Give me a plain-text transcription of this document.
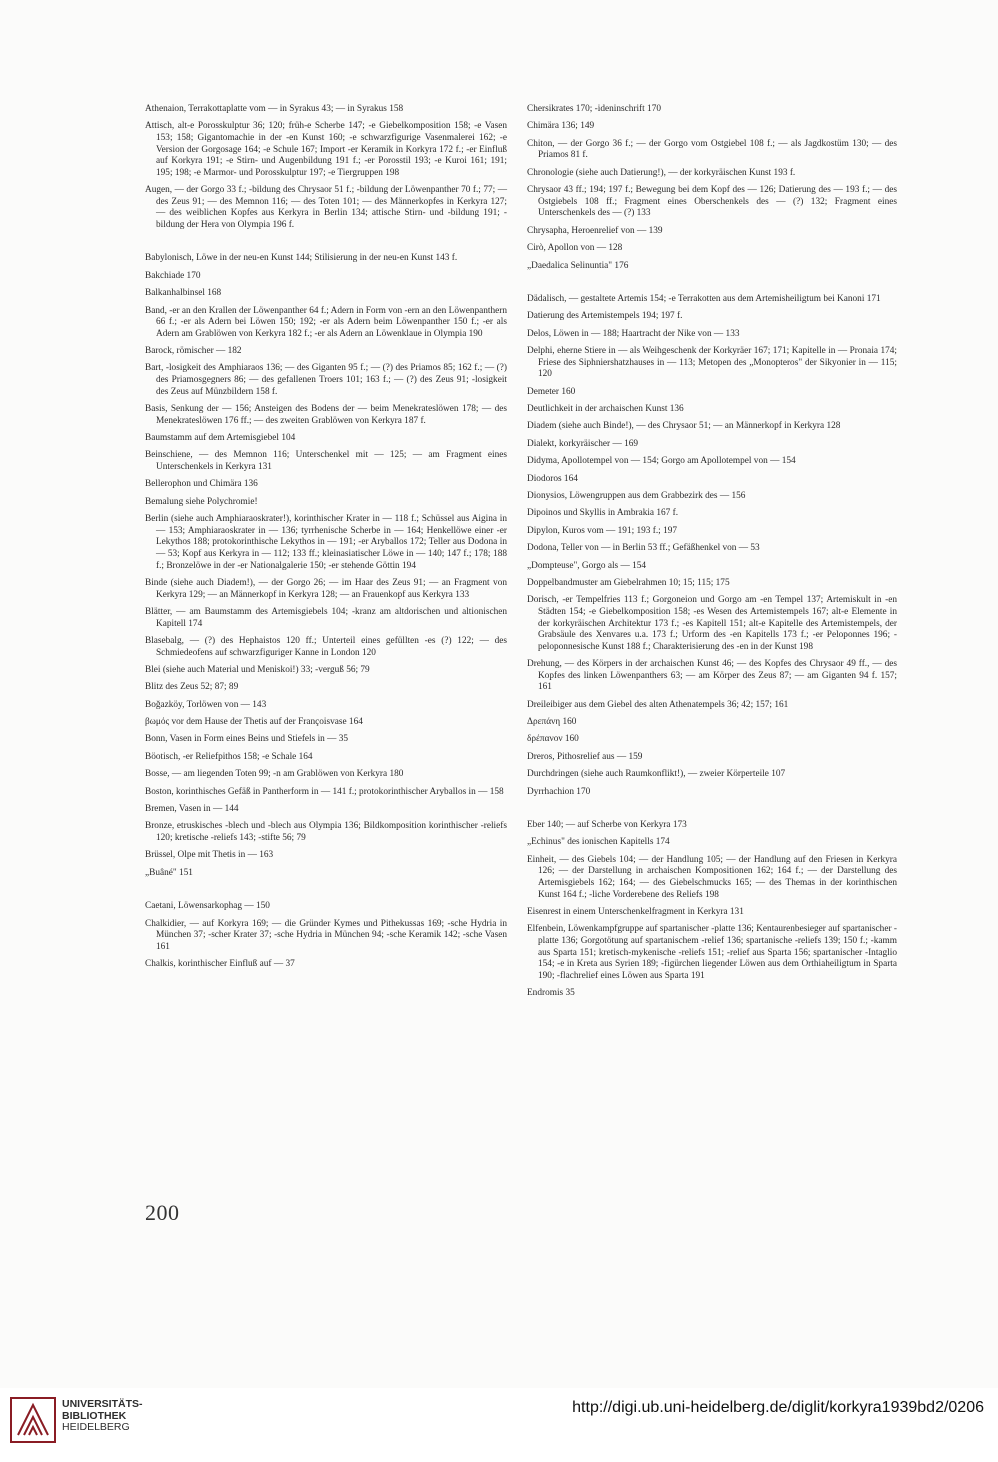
Athenaion, Terrakottaplatte vom — in Syrakus 43; — in Syrakus 158
Attisch, alt-e Porosskulptur 36; 120; früh-e Scherbe 147; -e Giebelkomposition 158; -e Vasen 153; 158; Gigantomachie in der -en Kunst 160; -e schwarzfigurige Vasenmalerei 162; -e Version der Gorgosage 164; -e Schule 167; Import -er Keramik in Korkyra 172 f.; -er Einfluß auf Korkyra 191; -e Stirn- und Augenbildung 191 f.; -er Porosstil 193; -e Kuroi 161; 191; 195; 198; -e Marmor- und Porosskulptur 197; -e Tiergruppen 198
Augen, — der Gorgo 33 f.; -bildung des Chrysaor 51 f.; -bildung der Löwenpanther 70 f.; 77; — des Zeus 91; — des Memnon 116; — des Toten 101; — des Männerkopfes in Kerkyra 127; — des weiblichen Kopfes aus Kerkyra in Berlin 134; attische Stirn- und -bildung 191; -bildung der Hera von Olympia 196 f.
Babylonisch, Löwe in der neu-en Kunst 144; Stilisierung in der neu-en Kunst 143 f.
Bakchiade 170
Balkanhalbinsel 168
Band, -er an den Krallen der Löwenpanther 64 f.; Adern in Form von -ern an den Löwenpanthern 66 f.; -er als Adern bei Löwen 150; 192; -er als Adern beim Löwenpanther 150 f.; -er als Adern am Grablöwen von Kerkyra 182 f.; -er als Adern an Löwenklaue in Olympia 190
Barock, römischer — 182
Bart, -losigkeit des Amphiaraos 136; — des Giganten 95 f.; — (?) des Priamos 85; 162 f.; — (?) des Priamosgegners 86; — des gefallenen Troers 101; 163 f.; — (?) des Zeus 91; -losigkeit des Zeus auf Münzbildern 158 f.
Basis, Senkung der — 156; Ansteigen des Bodens der — beim Menekrateslöwen 178; — des Menekrateslöwen 176 ff.; — des zweiten Grablöwen von Kerkyra 187 f.
Baumstamm auf dem Artemisgiebel 104
Beinschiene, — des Memnon 116; Unterschenkel mit — 125; — am Fragment eines Unterschenkels in Kerkyra 131
Bellerophon und Chimära 136
Bemalung siehe Polychromie!
Berlin (siehe auch Amphiaraoskrater!), korinthischer Krater in — 118 f.; Schüssel aus Aigina in — 153; Amphiaraoskrater in — 136; tyrrhenische Scherbe in — 164; Henkellöwe einer -er Lekythos 188; protokorinthische Lekythos in — 191; -er Aryballos 172; Teller aus Dodona in — 53; Kopf aus Kerkyra in — 112; 133 ff.; kleinasiatischer Löwe in — 140; 147 f.; 178; 188 f.; Bronzelöwe in der -er Nationalgalerie 150; -er stehende Göttin 194
Binde (siehe auch Diadem!), — der Gorgo 26; — im Haar des Zeus 91; — an Fragment von Kerkyra 129; — an Männerkopf in Kerkyra 128; — an Frauenkopf aus Kerkyra 133
Blätter, — am Baumstamm des Artemisgiebels 104; -kranz am altdorischen und altionischen Kapitell 174
Blasebalg, — (?) des Hephaistos 120 ff.; Unterteil eines gefüllten -es (?) 122; — des Schmiedeofens auf schwarzfiguriger Kanne in London 120
Blei (siehe auch Material und Meniskoi!) 33; -verguß 56; 79
Blitz des Zeus 52; 87; 89
Boğazköy, Torlöwen von — 143
βωμός vor dem Hause der Thetis auf der Françoisvase 164
Bonn, Vasen in Form eines Beins und Stiefels in — 35
Böotisch, -er Reliefpithos 158; -e Schale 164
Bosse, — am liegenden Toten 99; -n am Grablöwen von Kerkyra 180
Boston, korinthisches Gefäß in Pantherform in — 141 f.; protokorinthischer Aryballos in — 158
Bremen, Vasen in — 144
Bronze, etruskisches -blech und -blech aus Olympia 136; Bildkomposition korinthischer -reliefs 120; kretische -reliefs 143; -stifte 56; 79
Brüssel, Olpe mit Thetis in — 163
„Buâné" 151
Caetani, Löwensarkophag — 150
Chalkidier, — auf Korkyra 169; — die Gründer Kymes und Pithekussas 169; -sche Hydria in München 37; -scher Krater 37; -sche Hydria in München 94; -sche Keramik 142; -sche Vasen 161
Chalkis, korinthischer Einfluß auf — 37
Chersikrates 170; -ideninschrift 170
Chimära 136; 149
Chiton, — der Gorgo 36 f.; — der Gorgo vom Ostgiebel 108 f.; — als Jagdkostüm 130; — des Priamos 81 f.
Chronologie (siehe auch Datierung!), — der korkyräischen Kunst 193 f.
Chrysaor 43 ff.; 194; 197 f.; Bewegung bei dem Kopf des — 126; Datierung des — 193 f.; — des Ostgiebels 108 ff.; Fragment eines Oberschenkels des — (?) 132; Fragment eines Unterschenkels des — (?) 133
Chrysapha, Heroenrelief von — 139
Cirò, Apollon von — 128
„Daedalica Selinuntia" 176
Dädalisch, — gestaltete Artemis 154; -e Terrakotten aus dem Artemisheiligtum bei Kanoni 171
Datierung des Artemistempels 194; 197 f.
Delos, Löwen in — 188; Haartracht der Nike von — 133
Delphi, eherne Stiere in — als Weihgeschenk der Korkyräer 167; 171; Kapitelle in — Pronaia 174; Friese des Siphniershatzhauses in — 113; Metopen des „Monopteros" der Sikyonier in — 115; 120
Demeter 160
Deutlichkeit in der archaischen Kunst 136
Diadem (siehe auch Binde!), — des Chrysaor 51; — an Männerkopf in Kerkyra 128
Dialekt, korkyräischer — 169
Didyma, Apollotempel von — 154; Gorgo am Apollotempel von — 154
Diodoros 164
Dionysios, Löwengruppen aus dem Grabbezirk des — 156
Dipoinos und Skyllis in Ambrakia 167 f.
Dipylon, Kuros vom — 191; 193 f.; 197
Dodona, Teller von — in Berlin 53 ff.; Gefäßhenkel von — 53
„Dompteuse", Gorgo als — 154
Doppelbandmuster am Giebelrahmen 10; 15; 115; 175
Dorisch, -er Tempelfries 113 f.; Gorgoneion und Gorgo am -en Tempel 137; Artemiskult in -en Städten 154; -e Giebelkomposition 158; -es Wesen des Artemistempels 167; alt-e Elemente in der korkyräischen Architektur 173 f.; -es Kapitell 151; alt-e Kapitelle des Artemistempels, der Grabsäule des Xenvares u.a. 173 f.; Urform des -en Kapitells 173 f.; -er Peloponnes 196; -peloponnesische Kunst 188 f.; Charakterisierung des -en in der Kunst 198
Drehung, — des Körpers in der archaischen Kunst 46; — des Kopfes des Chrysaor 49 ff., — des Kopfes des linken Löwenpanthers 63; — am Körper des Zeus 87; — am Giganten 94 f. 157; 161
Dreileibiger aus dem Giebel des alten Athenatempels 36; 42; 157; 161
Δρεπάνη 160
δρέπανον 160
Dreros, Pithosrelief aus — 159
Durchdringen (siehe auch Raumkonflikt!), — zweier Körperteile 107
Dyrrhachion 170
Eber 140; — auf Scherbe von Kerkyra 173
„Echinus" des ionischen Kapitells 174
Einheit, — des Giebels 104; — der Handlung 105; — der Handlung auf den Friesen in Kerkyra 126; — der Darstellung in archaischen Kompositionen 162; 164 f.; — der Darstellung des Artemisgiebels 162; 164; — des Giebelschmucks 165; — des Themas in der korinthischen Kunst 164 f.; -liche Vorderebene des Reliefs 198
Eisenrest in einem Unterschenkelfragment in Kerkyra 131
Elfenbein, Löwenkampfgruppe auf spartanischer -platte 136; Kentaurenbesieger auf spartanischer -platte 136; Gorgotötung auf spartanischem -relief 136; spartanische -reliefs 139; 150 f.; -kamm aus Sparta 151; kretisch-mykenische -reliefs 151; -relief aus Sparta 156; spartanischer -Intaglio 154; -e in Kreta aus Syrien 189; -figürchen liegender Löwen aus dem Orthiaheiligtum in Sparta 190; -flachrelief eines Löwen aus Sparta 191
Endromis 35
200
UNIVERSITÄTS-
BIBLIOTHEK
HEIDELBERG
http://digi.ub.uni-heidelberg.de/diglit/korkyra1939bd2/0206
